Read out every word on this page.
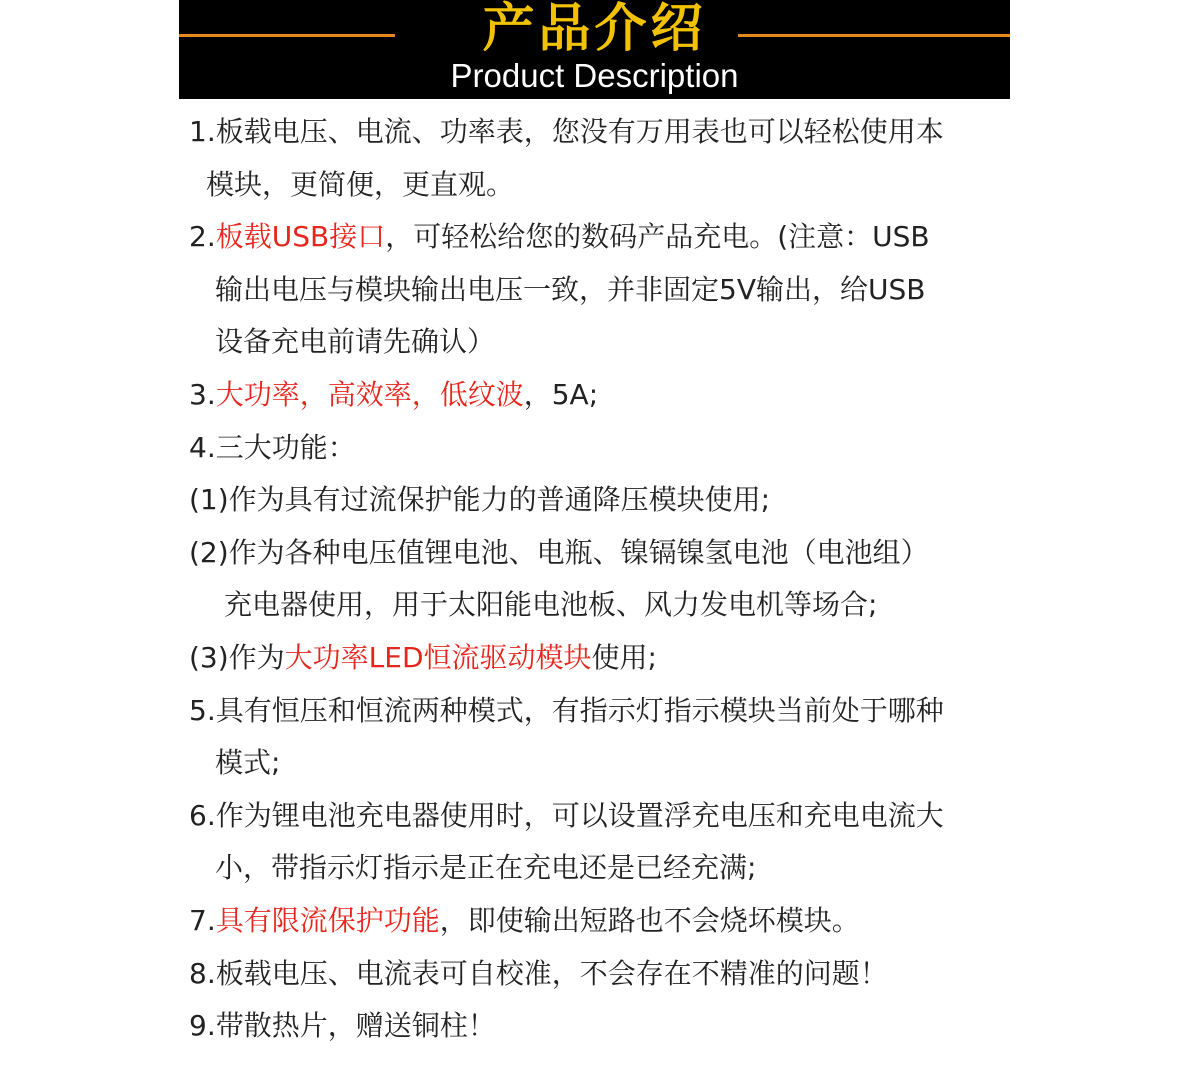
产品介绍
Product Description
1.板载电压、电流、功率表，您没有万用表也可以轻松使用本
模块，更简便，更直观。
2.板载USB接口，可轻松给您的数码产品充电。(注意：USB
输出电压与模块输出电压一致，并非固定5V输出，给USB
设备充电前请先确认）
3.大功率，高效率，低纹波，5A;
4.三大功能：
(1)作为具有过流保护能力的普通降压模块使用;
(2)作为各种电压值锂电池、电瓶、镍镉镍氢电池（电池组）
充电器使用，用于太阳能电池板、风力发电机等场合;
(3)作为大功率LED恒流驱动模块使用;
5.具有恒压和恒流两种模式，有指示灯指示模块当前处于哪种
模式;
6.作为锂电池充电器使用时，可以设置浮充电压和充电电流大
小，带指示灯指示是正在充电还是已经充满;
7.具有限流保护功能，即使输出短路也不会烧坏模块。
8.板载电压、电流表可自校准，不会存在不精准的问题！
9.带散热片，赠送铜柱！
